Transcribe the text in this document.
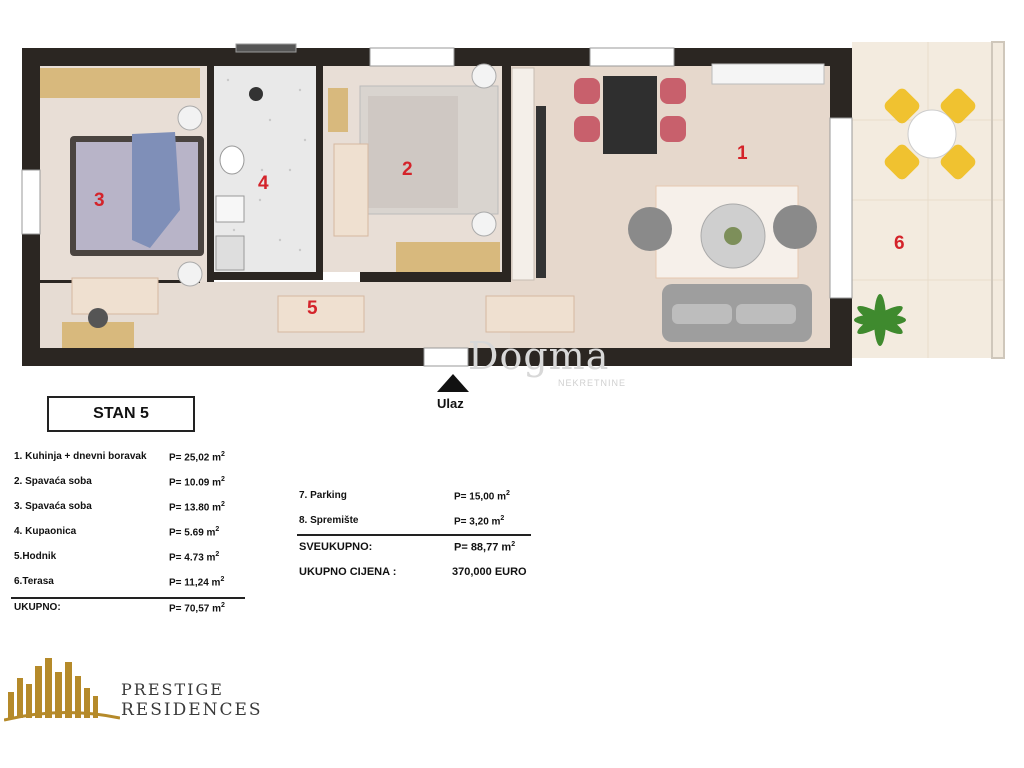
1
2
3
4
5
6
Dogma
NEKRETNINE
Ulaz
STAN 5
1. Kuhinja + dnevni boravak P= 25,02 $m^2$
2. Spavaća soba	P= 10.09 $m^2$
3. Spavaća soba	P= 13.80 $m^2$
4. Kupaonica	P= 5.69 $m^2$
5.Hodnik	P= 4.73 $m^2$
6.Terasa	P= 11,24 $m^2$
UKUPNO:	P= 70,57 $m^2$
7. Parking	P= 15,00 $m^2$
8. Spremište	P= 3,20 $m^2$
SVEUKUPNO:	P= 88,77 $m^2$
UKUPNO CIJENA :	370,000 EURO
PRESTIGE
RESIDENCES
